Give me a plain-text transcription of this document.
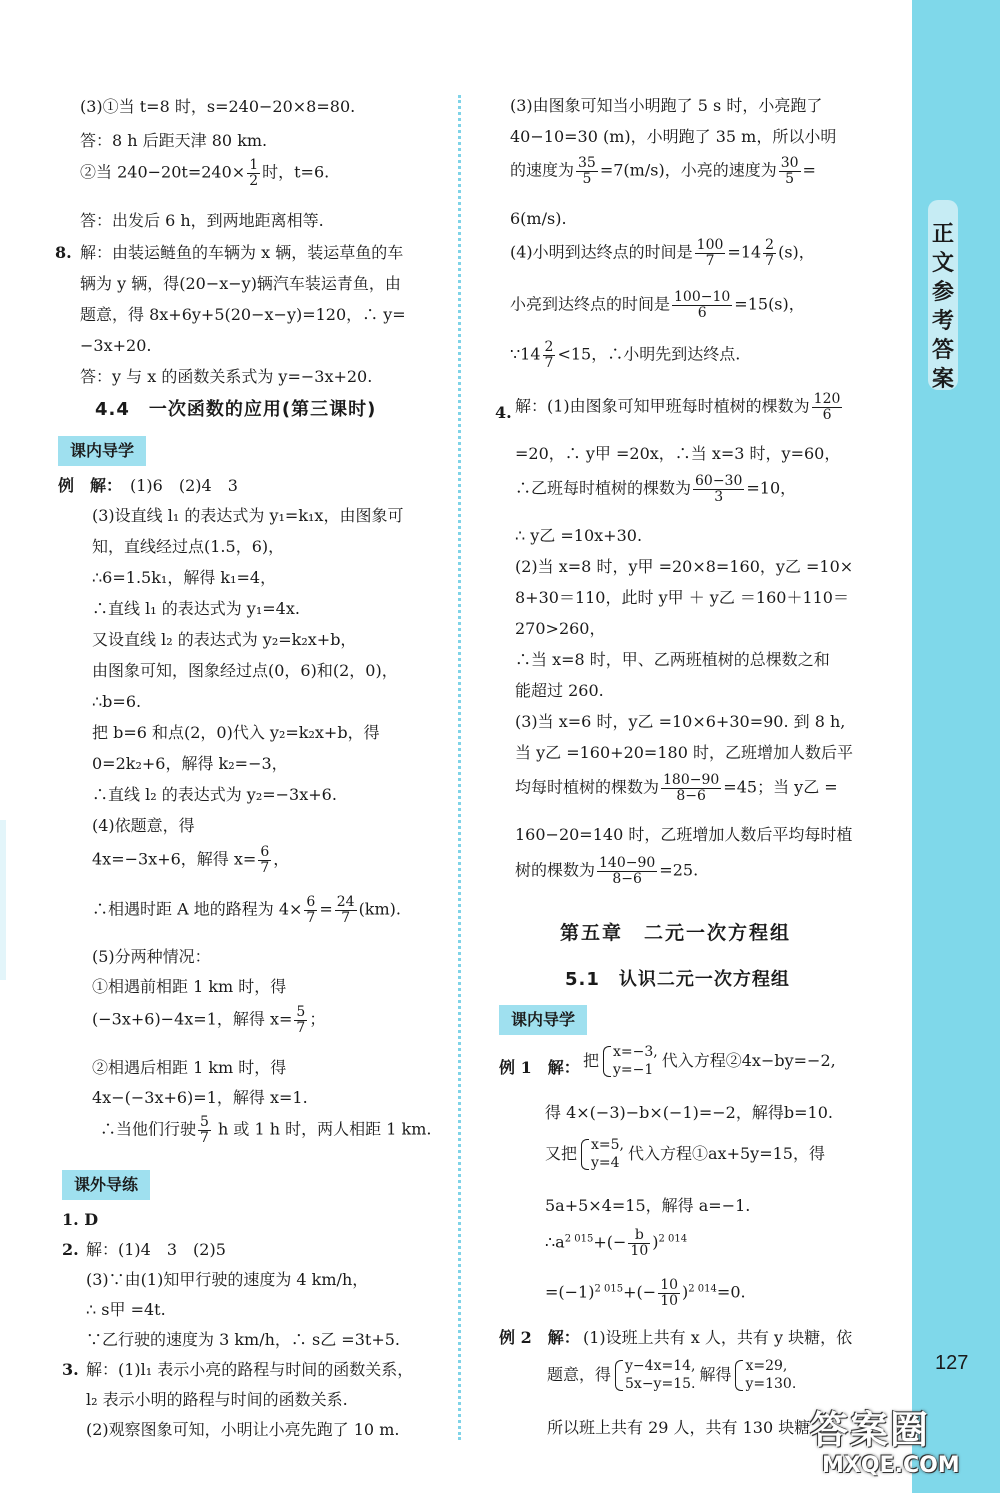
正文参考答案
(3)①当 t=8 时，s=240−20×8=80.
答：8 h 后距天津 80 km.
②当 $240-20t=240\times \frac{1}{2}$ 时，t=6.
答：出发后 6 h，到两地距离相等.
8. 解：由装运鲢鱼的车辆为 x 辆，装运草鱼的车
辆为 y 辆，得(20−x−y)辆汽车装运青鱼，由
题意，得 8x+6y+5(20−x−y)=120，∴ y=
−3x+20.
答：y 与 x 的函数关系式为 y=−3x+20.
4.4　一次函数的应用(第三课时)
课内导学
例　解： (1)6　(2)4　3
(3)设直线 l₁ 的表达式为 y₁=k₁x，由图象可
知，直线经过点(1.5，6)，
∴6=1.5k₁，解得 k₁=4，
∴直线 l₁ 的表达式为 y₁=4x.
又设直线 l₂ 的表达式为 y₂=k₂x+b，
由图象可知，图象经过点(0，6)和(2，0)，
∴b=6.
把 b=6 和点(2，0)代入 y₂=k₂x+b，得
0=2k₂+6，解得 k₂=−3，
∴直线 l₂ 的表达式为 y₂=−3x+6.
(4)依题意，得
4x=−3x+6，解得 $x= \frac{6}{7}$ ，
∴相遇时距 A 地的路程为 $4\times \frac{6}{7} = \frac{24}{7} (km)$.
(5)分两种情况：
①相遇前相距 1 km 时，得
(−3x+6)−4x=1，解得 $x= \frac{5}{7}$ ；
②相遇后相距 1 km 时，得
4x−(−3x+6)=1，解得 x=1.
∴当他们行驶 $\frac{5}{7}$ h 或 1 h 时，两人相距 1 km.
课外导练
1. D
2. 解：(1)4　3　(2)5
(3)∵由(1)知甲行驶的速度为 4 km/h，
∴ s甲 =4t.
∵乙行驶的速度为 3 km/h，∴ s乙 =3t+5.
3. 解：(1)l₁ 表示小亮的路程与时间的函数关系，
l₂ 表示小明的路程与时间的函数关系.
(2)观察图象可知，小明让小亮先跑了 10 m.
(3)由图象可知当小明跑了 5 s 时，小亮跑了
40−10=30 (m)，小明跑了 35 m，所以小明
的速度为 $\frac{35}{5} =7(m/s)$，小亮的速度为 $\frac{30}{5}$ =
6(m/s).
(4)小明到达终点的时间是 $\frac{100}{7} =14 \frac{2}{7} (s)$，
小亮到达终点的时间是 $\frac{100-10}{6} =15(s)$，
∵14 $\frac{2}{7} <15$，∴小明先到达终点.
4. 解：(1)由图象可知甲班每时植树的棵数为 $\frac{120}{6}$
=20，∴ y甲 =20x，∴当 x=3 时，y=60，
∴乙班每时植树的棵数为 $\frac{60-30}{3} =10$，
∴ y乙 =10x+30.
(2)当 x=8 时，y甲 =20×8=160，y乙 =10×
8+30＝110，此时 y甲 ＋ y乙 ＝160＋110＝
270>260，
∴当 x=8 时，甲、乙两班植树的总棵数之和
能超过 260.
(3)当 x=6 时，y乙 =10×6+30=90. 到 8 h,
当 y乙 =160+20=180 时，乙班增加人数后平
均每时植树的棵数为 $\frac{180-90}{8-6} =45$；当 y乙 =
160−20=140 时，乙班增加人数后平均每时植
树的棵数为 $\frac{140-90}{8-6} =25$.
第五章　二元一次方程组
5.1　认识二元一次方程组
课内导学
例 1　解： 把 x=−3,
y=−1 代入方程②4x−by=−2,
得 4×(−3)−b×(−1)=−2，解得b=10.
又把 x=5,
y=4 代入方程①ax+5y=15，得
5a+5×4=15，解得 a=−1.
$\therefore a^{2 015}+(- \frac{b}{10} )^{2 014}$
$=(-1)^{2 015}+(- \frac{10}{10} )^{2 014}=0$.
例 2　解： (1)设班上共有 x 人，共有 y 块糖，依
题意，得 y−4x=14,
5x−y=15. 解得 x=29,
y=130.
所以班上共有 29 人，共有 130 块糖.
127
答案圈
MXQE.COM
